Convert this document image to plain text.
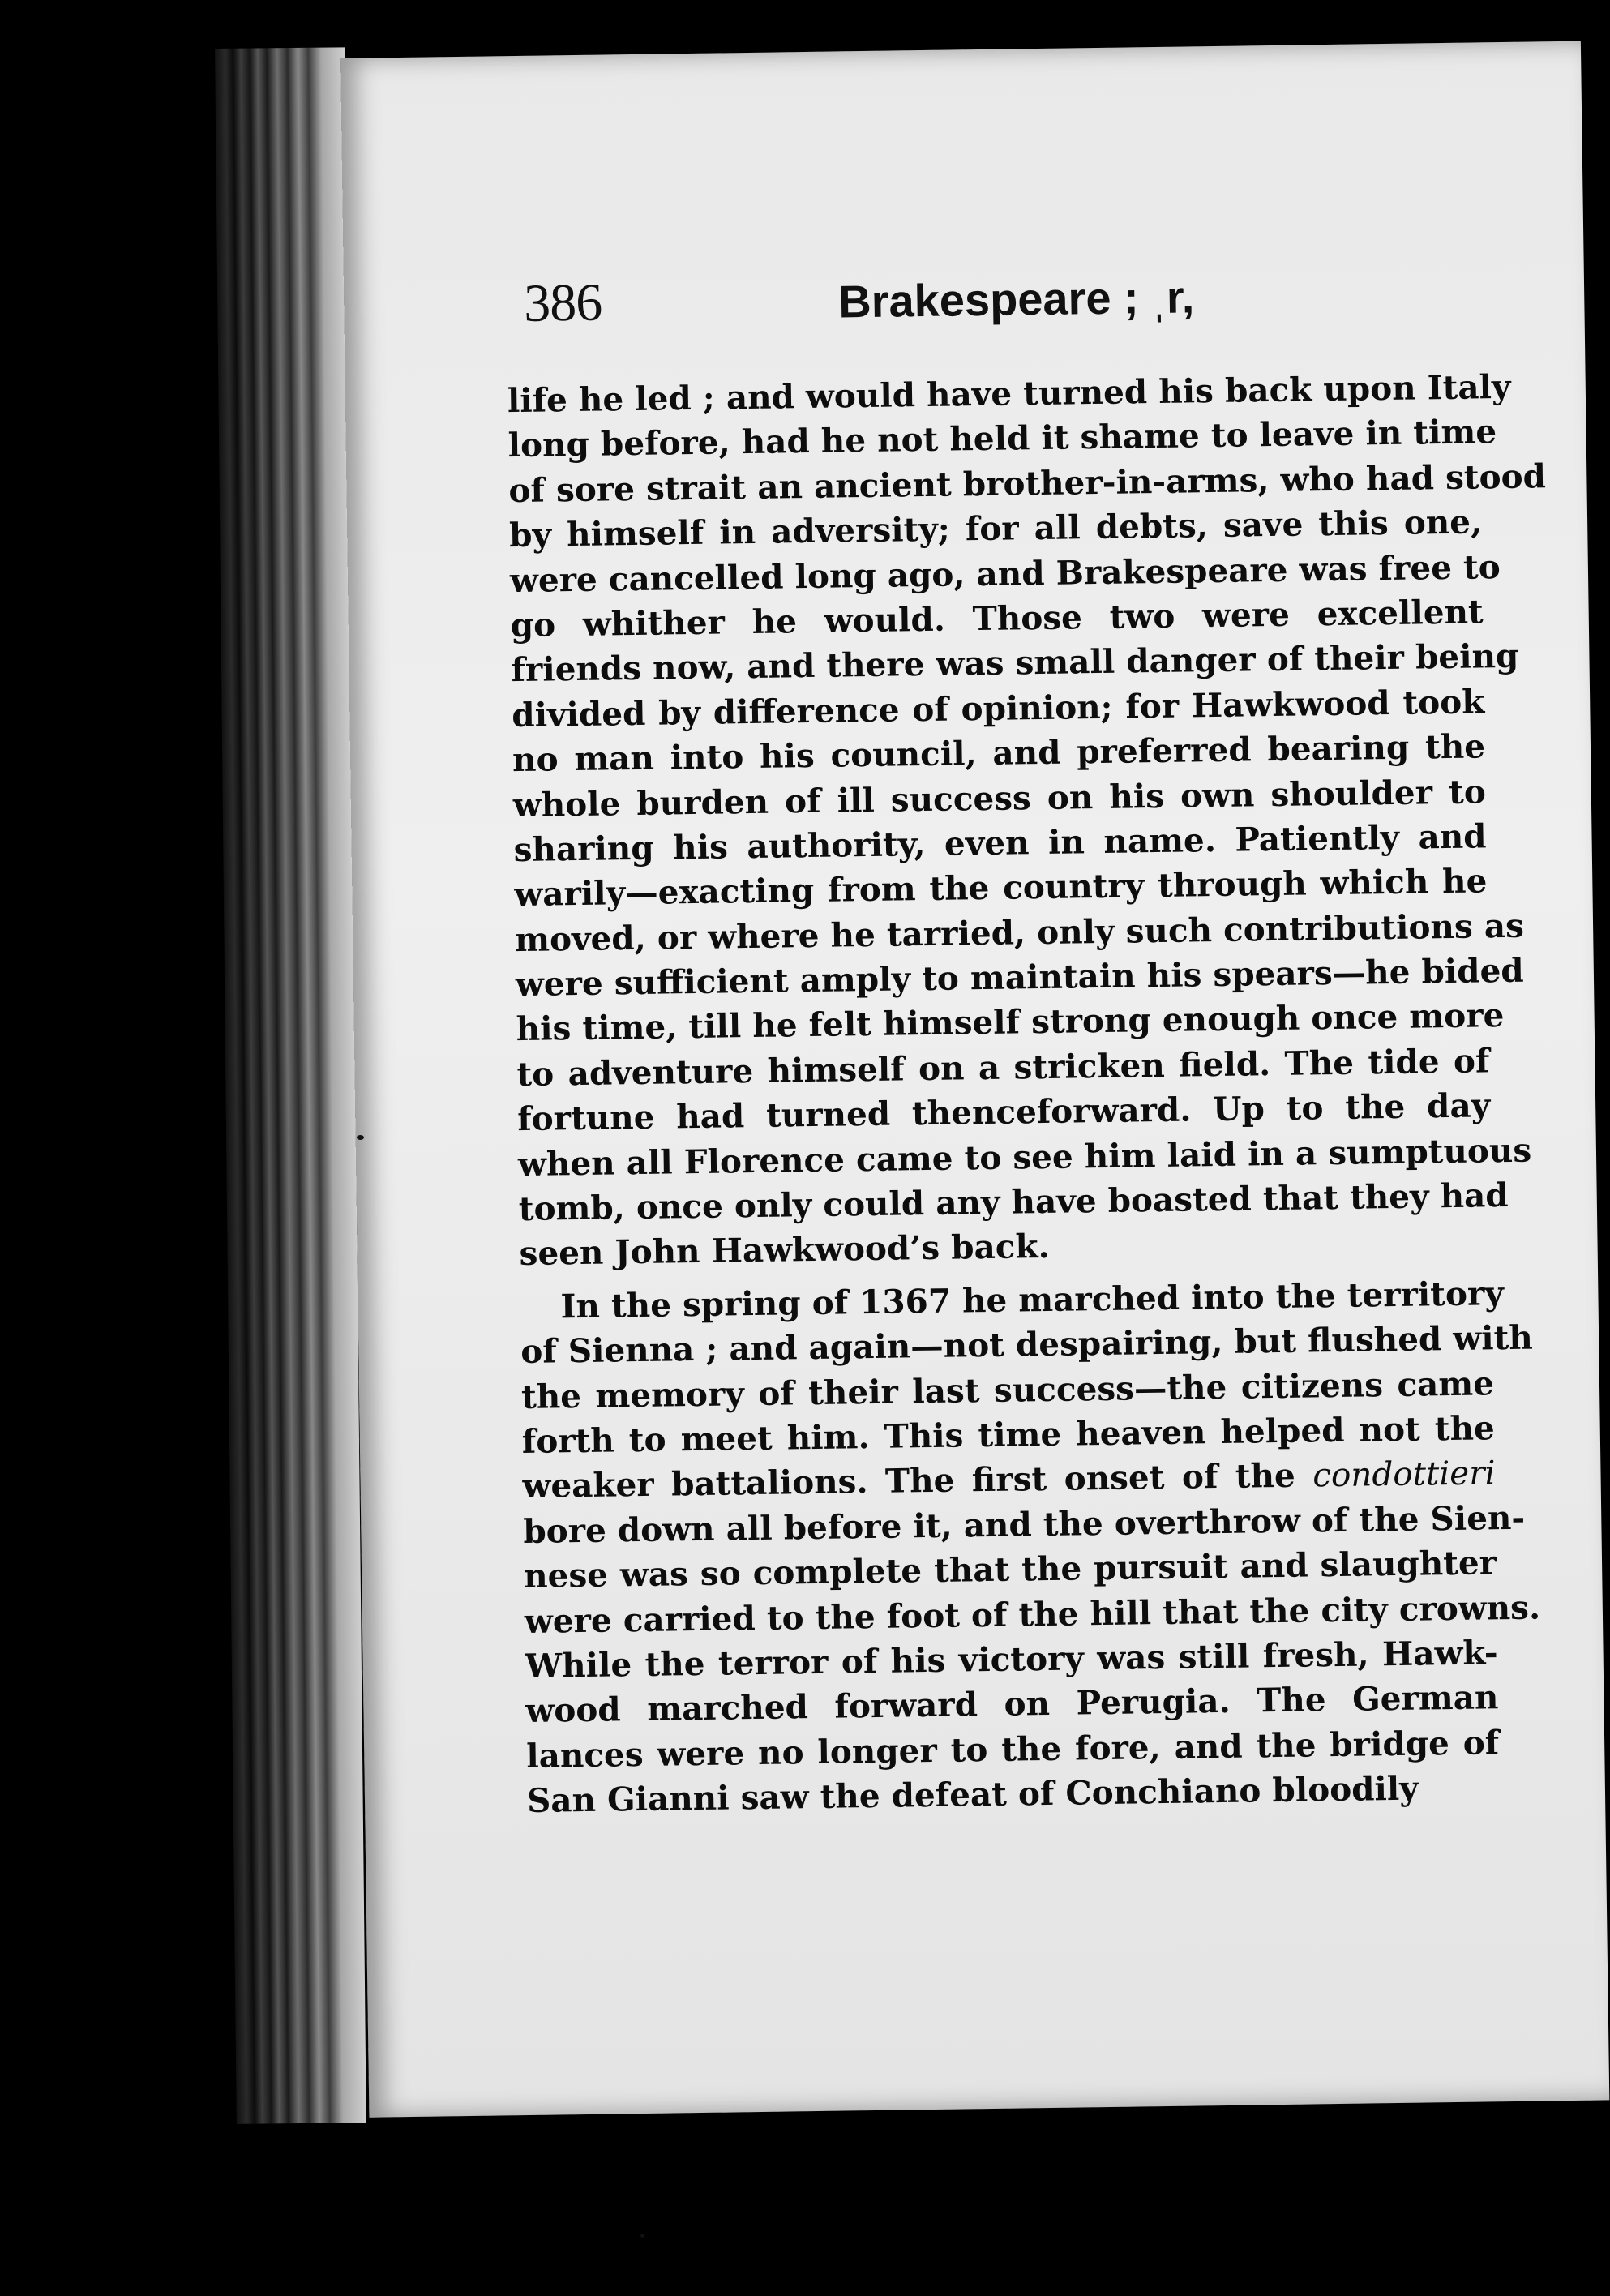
386	Brakespeare ; ˌr,
life he led ; and would have turned his back upon Italy
long before, had he not held it shame to leave in time
of sore strait an ancient brother-in-arms, who had stood
by himself in adversity; for all debts, save this one,
were cancelled long ago, and Brakespeare was free to
go whither he would. Those two were excellent
friends now, and there was small danger of their being
divided by difference of opinion; for Hawkwood took
no man into his council, and preferred bearing the
whole burden of ill success on his own shoulder to
sharing his authority, even in name. Patiently and
warily—exacting from the country through which he
moved, or where he tarried, only such contributions as
were sufficient amply to maintain his spears—he bided
his time, till he felt himself strong enough once more
to adventure himself on a stricken field. The tide of
fortune had turned thenceforward. Up to the day
when all Florence came to see him laid in a sumptuous
tomb, once only could any have boasted that they had
seen John Hawkwood’s back.
In the spring of 1367 he marched into the territory
of Sienna ; and again—not despairing, but flushed with
the memory of their last success—the citizens came
forth to meet him. This time heaven helped not the
weaker battalions. The first onset of the condottieri
bore down all before it, and the overthrow of the Sien-
nese was so complete that the pursuit and slaughter
were carried to the foot of the hill that the city crowns.
While the terror of his victory was still fresh, Hawk-
wood marched forward on Perugia. The German
lances were no longer to the fore, and the bridge of
San Gianni saw the defeat of Conchiano bloodily
